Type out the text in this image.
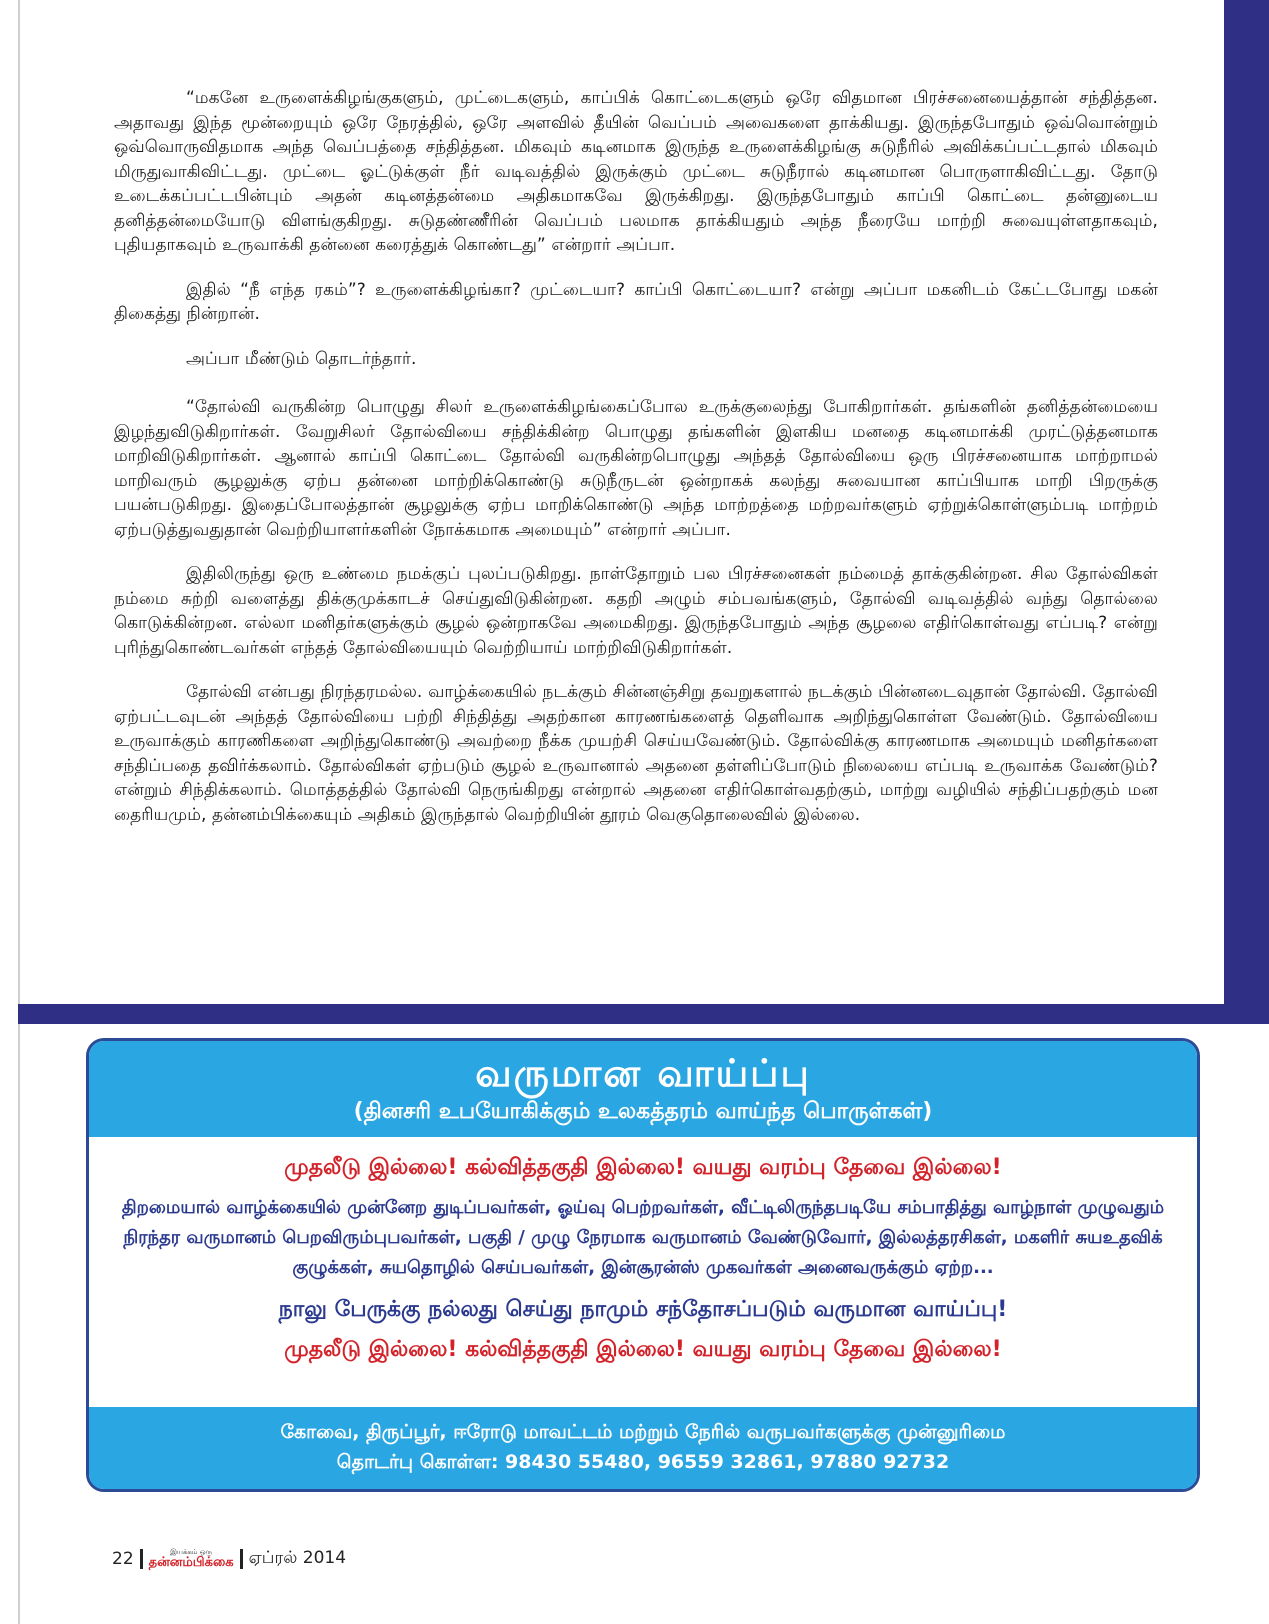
“மகனே உருளைக்கிழங்குகளும், முட்டைகளும், காப்பிக் கொட்டைகளும் ஒரே விதமான பிரச்சனையைத்தான் சந்தித்தன. அதாவது இந்த மூன்றையும் ஒரே நேரத்தில், ஒரே அளவில் தீயின் வெப்பம் அவைகளை தாக்கியது. இருந்தபோதும் ஒவ்வொன்றும் ஒவ்வொருவிதமாக அந்த வெப்பத்தை சந்தித்தன. மிகவும் கடினமாக இருந்த உருளைக்கிழங்கு சுடுநீரில் அவிக்கப்பட்டதால் மிகவும் மிருதுவாகிவிட்டது. முட்டை ஓட்டுக்குள் நீர் வடிவத்தில் இருக்கும் முட்டை சுடுநீரால் கடினமான பொருளாகிவிட்டது. தோடு உடைக்கப்பட்டபின்பும் அதன் கடினத்தன்மை அதிகமாகவே இருக்கிறது. இருந்தபோதும் காப்பி கொட்டை தன்னுடைய தனித்தன்மையோடு விளங்குகிறது. சுடுதண்ணீரின் வெப்பம் பலமாக தாக்கியதும் அந்த நீரையே மாற்றி சுவையுள்ளதாகவும், புதியதாகவும் உருவாக்கி தன்னை கரைத்துக் கொண்டது” என்றார் அப்பா.

இதில் “நீ எந்த ரகம்”? உருளைக்கிழங்கா? முட்டையா? காப்பி கொட்டையா? என்று அப்பா மகனிடம் கேட்டபோது மகன் திகைத்து நின்றான்.

அப்பா மீண்டும் தொடர்ந்தார்.

“தோல்வி வருகின்ற பொழுது சிலர் உருளைக்கிழங்கைப்போல உருக்குலைந்து போகிறார்கள். தங்களின் தனித்தன்மையை இழந்துவிடுகிறார்கள். வேறுசிலர் தோல்வியை சந்திக்கின்ற பொழுது தங்களின் இளகிய மனதை கடினமாக்கி முரட்டுத்தனமாக மாறிவிடுகிறார்கள். ஆனால் காப்பி கொட்டை தோல்வி வருகின்றபொழுது அந்தத் தோல்வியை ஒரு பிரச்சனையாக மாற்றாமல் மாறிவரும் சூழலுக்கு ஏற்ப தன்னை மாற்றிக்கொண்டு சுடுநீருடன் ஒன்றாகக் கலந்து சுவையான காப்பியாக மாறி பிறருக்கு பயன்படுகிறது. இதைப்போலத்தான் சூழலுக்கு ஏற்ப மாறிக்கொண்டு அந்த மாற்றத்தை மற்றவர்களும் ஏற்றுக்கொள்ளும்படி மாற்றம் ஏற்படுத்துவதுதான் வெற்றியாளர்களின் நோக்கமாக அமையும்” என்றார் அப்பா.

இதிலிருந்து ஒரு உண்மை நமக்குப் புலப்படுகிறது. நாள்தோறும் பல பிரச்சனைகள் நம்மைத் தாக்குகின்றன. சில தோல்விகள் நம்மை சுற்றி வளைத்து திக்குமுக்காடச் செய்துவிடுகின்றன. கதறி அழும் சம்பவங்களும், தோல்வி வடிவத்தில் வந்து தொல்லை கொடுக்கின்றன. எல்லா மனிதர்களுக்கும் சூழல் ஒன்றாகவே அமைகிறது. இருந்தபோதும் அந்த சூழலை எதிர்கொள்வது எப்படி? என்று புரிந்துகொண்டவர்கள் எந்தத் தோல்வியையும் வெற்றியாய் மாற்றிவிடுகிறார்கள்.

தோல்வி என்பது நிரந்தரமல்ல. வாழ்க்கையில் நடக்கும் சின்னஞ்சிறு தவறுகளால் நடக்கும் பின்னடைவுதான் தோல்வி. தோல்வி ஏற்பட்டவுடன் அந்தத் தோல்வியை பற்றி சிந்தித்து அதற்கான காரணங்களைத் தெளிவாக அறிந்துகொள்ள வேண்டும். தோல்வியை உருவாக்கும் காரணிகளை அறிந்துகொண்டு அவற்றை நீக்க முயற்சி செய்யவேண்டும். தோல்விக்கு காரணமாக அமையும் மனிதர்களை சந்திப்பதை தவிர்க்கலாம். தோல்விகள் ஏற்படும் சூழல் உருவானால் அதனை தள்ளிப்போடும் நிலையை எப்படி உருவாக்க வேண்டும்? என்றும் சிந்திக்கலாம். மொத்தத்தில் தோல்வி நெருங்கிறது என்றால் அதனை எதிர்கொள்வதற்கும், மாற்று வழியில் சந்திப்பதற்கும் மன தைரியமும், தன்னம்பிக்கையும் அதிகம் இருந்தால் வெற்றியின் தூரம் வெகுதொலைவில் இல்லை.

வருமான வாய்ப்பு
(தினசரி உபயோகிக்கும் உலகத்தரம் வாய்ந்த பொருள்கள்)
முதலீடு இல்லை! கல்வித்தகுதி இல்லை! வயது வரம்பு தேவை இல்லை!
திறமையால் வாழ்க்கையில் முன்னேற துடிப்பவர்கள், ஓய்வு பெற்றவர்கள், வீட்டிலிருந்தபடியே சம்பாதித்து வாழ்நாள் முழுவதும் நிரந்தர வருமானம் பெறவிரும்புபவர்கள், பகுதி / முழு நேரமாக வருமானம் வேண்டுவோர், இல்லத்தரசிகள், மகளிர் சுயஉதவிக் குழுக்கள், சுயதொழில் செய்பவர்கள், இன்சூரன்ஸ் முகவர்கள் அனைவருக்கும் ஏற்ற...
நாலு பேருக்கு நல்லது செய்து நாமும் சந்தோசப்படும் வருமான வாய்ப்பு!
முதலீடு இல்லை! கல்வித்தகுதி இல்லை! வயது வரம்பு தேவை இல்லை!
கோவை, திருப்பூர், ஈரோடு மாவட்டம் மற்றும் நேரில் வருபவர்களுக்கு முன்னுரிமை
தொடர்பு கொள்ள: 98430 55480, 96559 32861, 97880 92732
22	இயக்கம் ஒரு
தன்னம்பிக்கை ஏப்ரல் 2014
